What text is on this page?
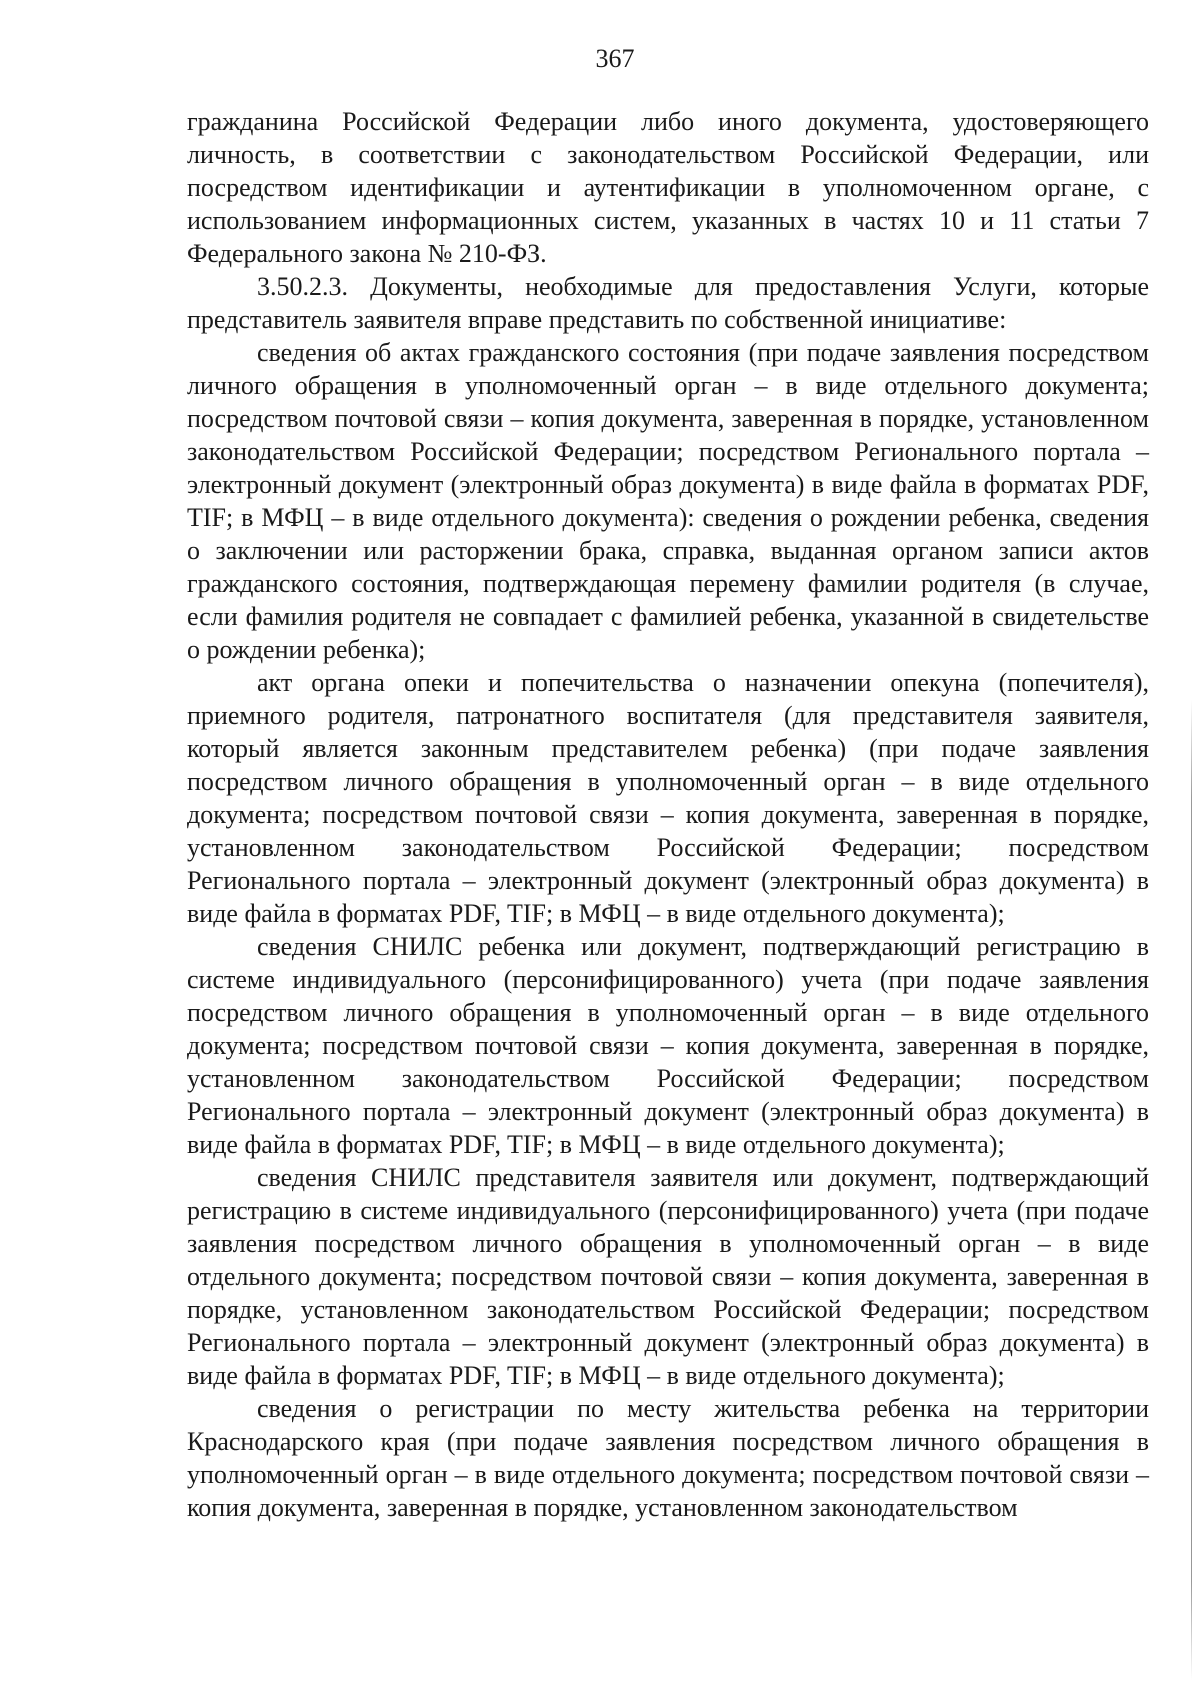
367

гражданина Российской Федерации либо иного документа, удостоверяющего личность, в соответствии с законодательством Российской Федерации, или посредством идентификации и аутентификации в уполномоченном органе, с использованием информационных систем, указанных в частях 10 и 11 статьи 7 Федерального закона № 210-ФЗ.

3.50.2.3. Документы, необходимые для предоставления Услуги, которые представитель заявителя вправе представить по собственной инициативе:

сведения об актах гражданского состояния (при подаче заявления посредством личного обращения в уполномоченный орган – в виде отдельного документа; посредством почтовой связи – копия документа, заверенная в порядке, установленном законодательством Российской Федерации; посредством Регионального портала – электронный документ (электронный образ документа) в виде файла в форматах PDF, TIF; в МФЦ – в виде отдельного документа): сведения о рождении ребенка, сведения о заключении или расторжении брака, справка, выданная органом записи актов гражданского состояния, подтверждающая перемену фамилии родителя (в случае, если фамилия родителя не совпадает с фамилией ребенка, указанной в свидетельстве о рождении ребенка);

акт органа опеки и попечительства о назначении опекуна (попечителя), приемного родителя, патронатного воспитателя (для представителя заявителя, который является законным представителем ребенка) (при подаче заявления посредством личного обращения в уполномоченный орган – в виде отдельного документа; посредством почтовой связи – копия документа, заверенная в порядке, установленном законодательством Российской Федерации; посредством Регионального портала – электронный документ (электронный образ документа) в виде файла в форматах PDF, TIF; в МФЦ – в виде отдельного документа);

сведения СНИЛС ребенка или документ, подтверждающий регистрацию в системе индивидуального (персонифицированного) учета (при подаче заявления посредством личного обращения в уполномоченный орган – в виде отдельного документа; посредством почтовой связи – копия документа, заверенная в порядке, установленном законодательством Российской Федерации; посредством Регионального портала – электронный документ (электронный образ документа) в виде файла в форматах PDF, TIF; в МФЦ – в виде отдельного документа);

сведения СНИЛС представителя заявителя или документ, подтверждающий регистрацию в системе индивидуального (персонифицированного) учета (при подаче заявления посредством личного обращения в уполномоченный орган – в виде отдельного документа; посредством почтовой связи – копия документа, заверенная в порядке, установленном законодательством Российской Федерации; посредством Регионального портала – электронный документ (электронный образ документа) в виде файла в форматах PDF, TIF; в МФЦ – в виде отдельного документа);

сведения о регистрации по месту жительства ребенка на территории Краснодарского края (при подаче заявления посредством личного обращения в уполномоченный орган – в виде отдельного документа; посредством почтовой связи – копия документа, заверенная в порядке, установленном законодательством
